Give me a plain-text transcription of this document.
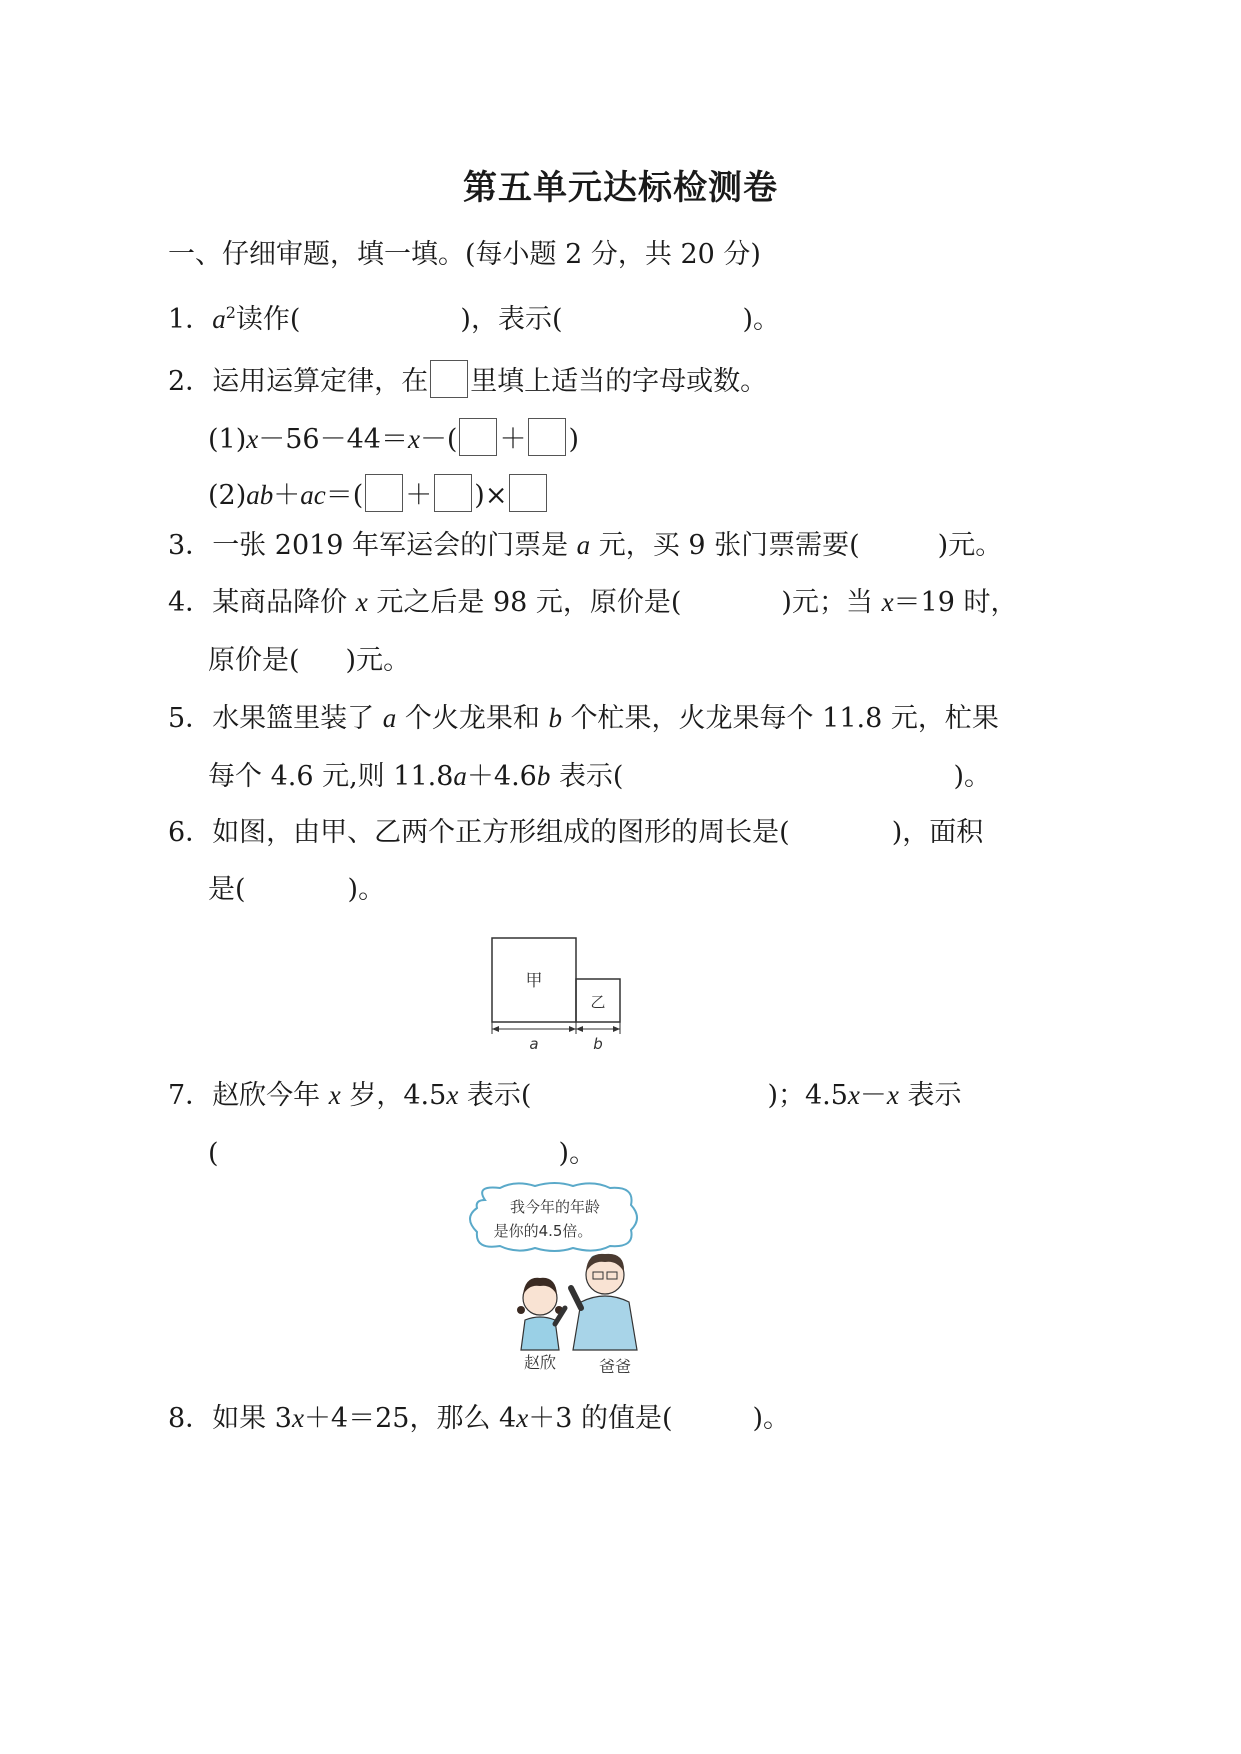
第五单元达标检测卷
一、仔细审题，填一填。(每小题 2 分，共 20 分)
1．$a^2$读作(	)，表示(	)。
2．运用运算定律，在 里填上适当的字母或数。
(1)x－56－44＝x－( ＋ )
(2)ab＋ac＝( ＋ )×
3．一张 2019 年军运会的门票是 a 元，买 9 张门票需要(	)元。
4．某商品降价 x 元之后是 98 元，原价是(	)元；当 x＝19 时，
原价是( )元。
5．水果篮里装了 a 个火龙果和 b 个杧果，火龙果每个 11.8 元，杧果
每个 4.6 元,则 11.8a＋4.6b 表示(	)。
6．如图，由甲、乙两个正方形组成的图形的周长是(	)，面积
是(	)。
甲
乙
a	b
7．赵欣今年 x 岁，4.5x 表示(	)；4.5x－x 表示
(	)。
我今年的年龄
是你的4.5倍。
赵欣	爸爸
8．如果 3x＋4＝25，那么 4x＋3 的值是(	)。
